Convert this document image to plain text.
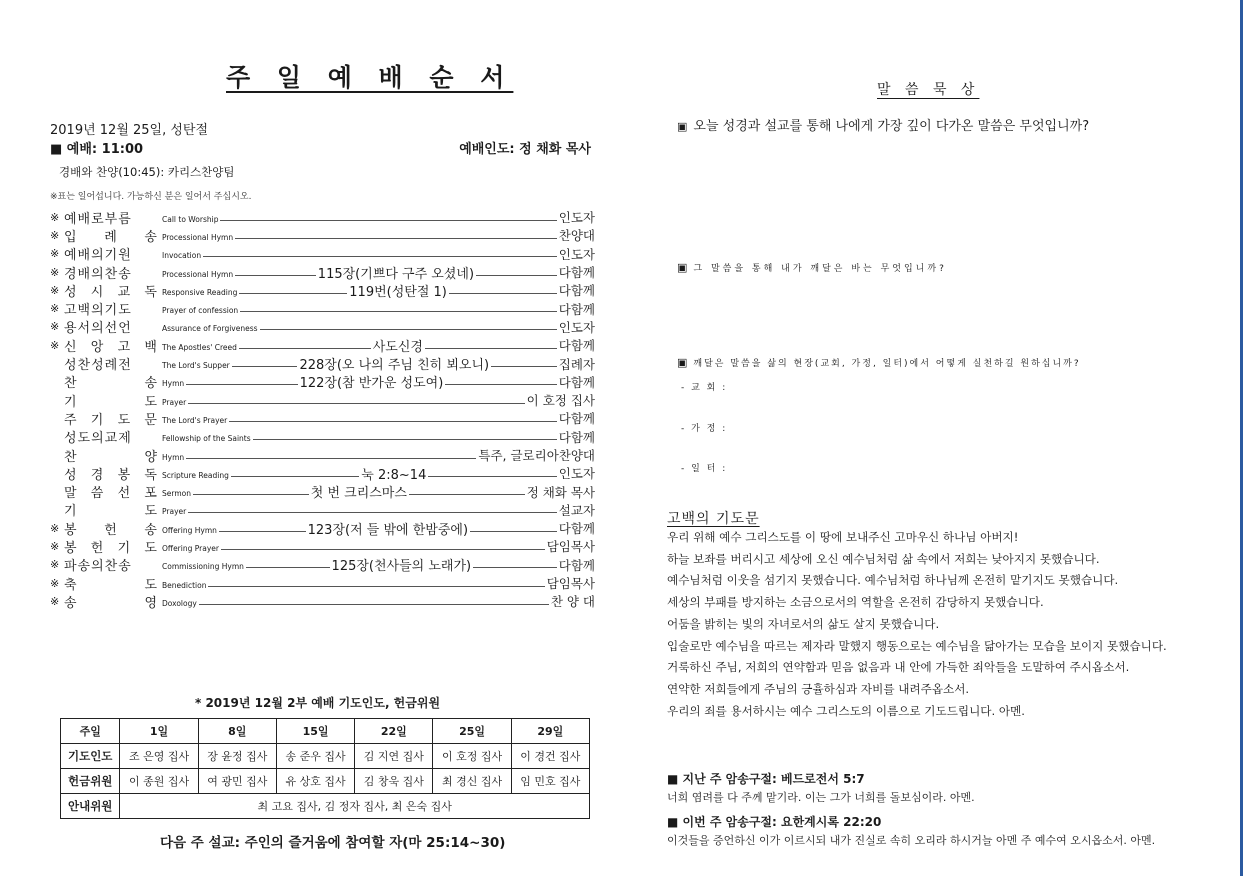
주 일 예 배 순 서
2019년 12월 25일, 성탄절
■ 예배: 11:00	예배인도: 정 채화 목사
경배와 찬양(10:45): 카리스찬양팀
※표는 일어섭니다. 가능하신 분은 일어서 주십시오.
※ 예배로부름	Call to Worship	인도자
※ 입 례 송 Processional Hymn	찬양대
※ 예배의기원	Invocation	인도자
※ 경배의찬송	Processional Hymn	115장(기쁘다 구주 오셨네)	다함께
※ 성 시 교 독 Responsive Reading	119번(성탄절 1)	다함께
※ 고백의기도	Prayer of confession	다함께
※ 용서의선언	Assurance of Forgiveness	인도자
※ 신 앙 고 백 The Apostles' Creed	사도신경	다함께
성찬성례전	The Lord's Supper	228장(오 나의 주님 친히 뵈오니)	집례자
찬 송 Hymn	122장(참 반가운 성도여)	다함께
기 도 Prayer	이 호정 집사
주 기 도 문 The Lord's Prayer	다함께
성도의교제	Fellowship of the Saints	다함께
찬 양 Hymn	특주, 글로리아찬양대
성 경 봉 독 Scripture Reading	눅 2:8~14	인도자
말 씀 선 포 Sermon	첫 번 크리스마스	정 채화 목사
기 도 Prayer	설교자
※ 봉 헌 송 Offering Hymn	123장(저 들 밖에 한밤중에)	다함께
※ 봉 헌 기 도 Offering Prayer	담임목사
※ 파송의찬송	Commissioning Hymn	125장(천사들의 노래가)	다함께
※ 축 도 Benediction	담임목사
※ 송 영 Doxology	찬 양 대
* 2019년 12월 2부 예배 기도인도, 헌금위원
주일	1일	8일	15일	22일	25일	29일
기도인도	조 은영 집사	장 윤정 집사	송 준우 집사	김 지연 집사	이 호정 집사	이 경건 집사
헌금위원	이 종원 집사	여 광민 집사	유 상호 집사	김 창욱 집사	최 경신 집사	임 민호 집사
안내위원	최 고요 집사, 김 정자 집사, 최 은숙 집사					
다음 주 설교: 주인의 즐거움에 참여할 자(마 25:14~30)
말 씀 묵 상
▣ 오늘 성경과 설교를 통해 나에게 가장 깊이 다가온 말씀은 무엇입니까?
▣ 그 말씀을 통해 내가 깨달은 바는 무엇입니까?
▣ 깨달은 말씀을 삶의 현장(교회, 가정, 일터)에서 어떻게 실천하길 원하십니까?
- 교 회 :
- 가 정 :
- 일 터 :
고백의 기도문
우리 위해 예수 그리스도를 이 땅에 보내주신 고마우신 하나님 아버지!
하늘 보좌를 버리시고 세상에 오신 예수님처럼 삶 속에서 저희는 낮아지지 못했습니다.
예수님처럼 이웃을 섬기지 못했습니다. 예수님처럼 하나님께 온전히 맡기지도 못했습니다.
세상의 부패를 방지하는 소금으로서의 역할을 온전히 감당하지 못했습니다.
어둠을 밝히는 빛의 자녀로서의 삶도 살지 못했습니다.
입술로만 예수님을 따르는 제자라 말했지 행동으로는 예수님을 닮아가는 모습을 보이지 못했습니다.
거룩하신 주님, 저희의 연약함과 믿음 없음과 내 안에 가득한 죄악들을 도말하여 주시옵소서.
연약한 저희들에게 주님의 긍휼하심과 자비를 내려주옵소서.
우리의 죄를 용서하시는 예수 그리스도의 이름으로 기도드립니다. 아멘.
■ 지난 주 암송구절: 베드로전서 5:7
너희 염려를 다 주께 맡기라. 이는 그가 너희를 돌보심이라. 아멘.
■ 이번 주 암송구절: 요한계시록 22:20
이것들을 증언하신 이가 이르시되 내가 진실로 속히 오리라 하시거늘 아멘 주 예수여 오시옵소서. 아멘.
